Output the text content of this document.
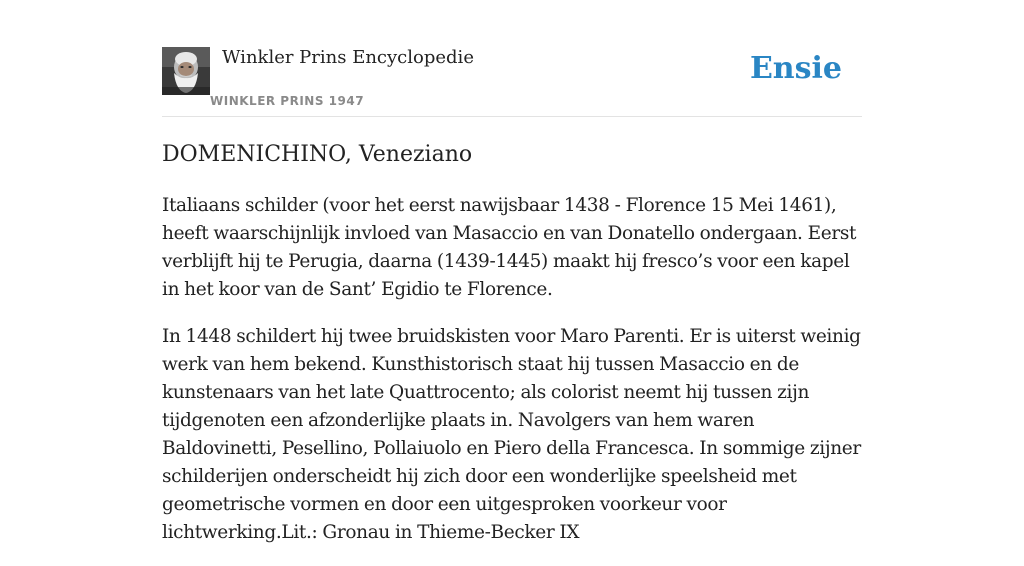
Winkler Prins Encyclopedie
WINKLER PRINS 1947
Ensie
DOMENICHINO, Veneziano

Italiaans schilder (voor het eerst nawijsbaar 1438 - Florence 15 Mei 1461), heeft waarschijnlijk invloed van Masaccio en van Donatello ondergaan. Eerst verblijft hij te Perugia, daarna (1439-1445) maakt hij fresco’s voor een kapel in het koor van de Sant’ Egidio te Florence.

In 1448 schildert hij twee bruidskisten voor Maro Parenti. Er is uiterst weinig werk van hem bekend. Kunsthistorisch staat hij tussen Masaccio en de kunstenaars van het late Quattrocento; als colorist neemt hij tussen zijn tijdgenoten een afzonderlijke plaats in. Navolgers van hem waren Baldovinetti, Pesellino, Pollaiuolo en Piero della Francesca. In sommige zijner schilderijen onderscheidt hij zich door een wonderlijke speelsheid met geometrische vormen en door een uitgesproken voorkeur voor lichtwerking.Lit.: Gronau in Thieme-Becker IX
